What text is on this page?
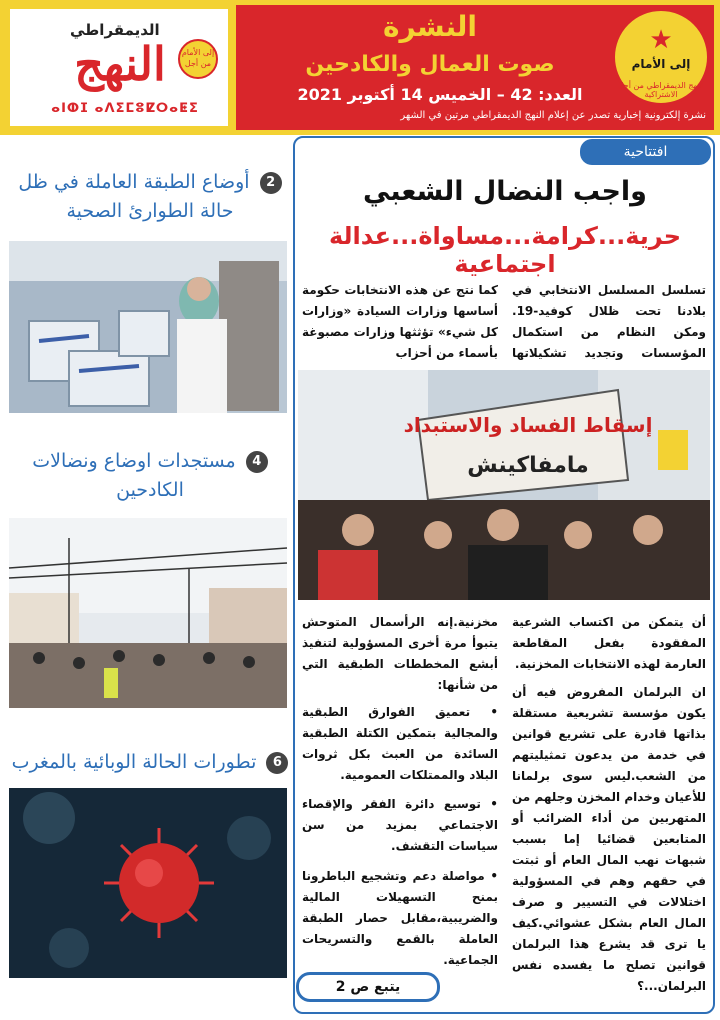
الديمقراطي
النهج	إلى الأمام من أجل
ⴰⵏⵀⵊ ⴰⴷⵉⵎⵓⵇⵔⴰⵟⵉ
النشرة
صوت العمال والكادحين
العدد: 42 – الخميس 14 أكتوبر 2021
نشرة إلكترونية إخبارية تصدر عن إعلام النهج الديمقراطي مرتين في الشهر
★
إلى الأمام
النهج الديمقراطي من أجل الاشتراكية
2 أوضاع الطبقة العاملة في ظل حالة الطوارئ الصحية
4 مستجدات اوضاع ونضالات الكادحين
6 تطورات الحالة الوبائية بالمغرب
افتتاحية
واجب النضال الشعبي
حرية...كرامة...مساواة...عدالة اجتماعية
تسلسل المسلسل الانتخابي في بلادنا تحت ظلال كوفيد-19. ومكن النظام من استكمال المؤسسات وتجديد تشكيلاتها
كما نتج عن هذه الانتخابات حكومة أساسها وزارات السيادة «وزارات كل شيء» تؤثثها وزارات مصبوغة بأسماء من أحزاب
إسقاط الفساد والاستبداد
مامفاكينش
أن يتمكن من اكتساب الشرعية المفقودة بفعل المقاطعة العارمة لهذه الانتخابات المخزنية.
ان البرلمان المفروض فيه أن يكون مؤسسة تشريعية مستقلة بذاتها قادرة على تشريع قوانين في خدمة من يدعون تمثيليتهم من الشعب.ليس سوى برلمانا للأعيان وخدام المخزن وجلهم من المتهربين من أداء الضرائب أو المتابعين قضائيا إما بسبب شبهات نهب المال العام أو ثبتت في حقهم وهم في المسؤولية اختلالات في التسيير و صرف المال العام بشكل عشوائي.كيف يا ترى قد يشرع هذا البرلمان قوانين تصلح ما يفسده نفس البرلمان...؟
مخزنية.إنه الرأسمال المتوحش يتبوأ مرة أخرى المسؤولية لتنفيذ أبشع المخططات الطبقية التي من شأنها:
• تعميق الفوارق الطبقية والمجالية بتمكين الكتلة الطبقية السائدة من العبث بكل ثروات البلاد والممتلكات العمومية.
• توسيع دائرة الفقر والإقصاء الاجتماعي بمزيد من سن سياسات التقشف.
• مواصلة دعم وتشجيع الباطرونا بمنح التسهيلات المالية والضريبية،مقابل حصار الطبقة العاملة بالقمع والتسريحات الجماعية.
يتبع ص 2
